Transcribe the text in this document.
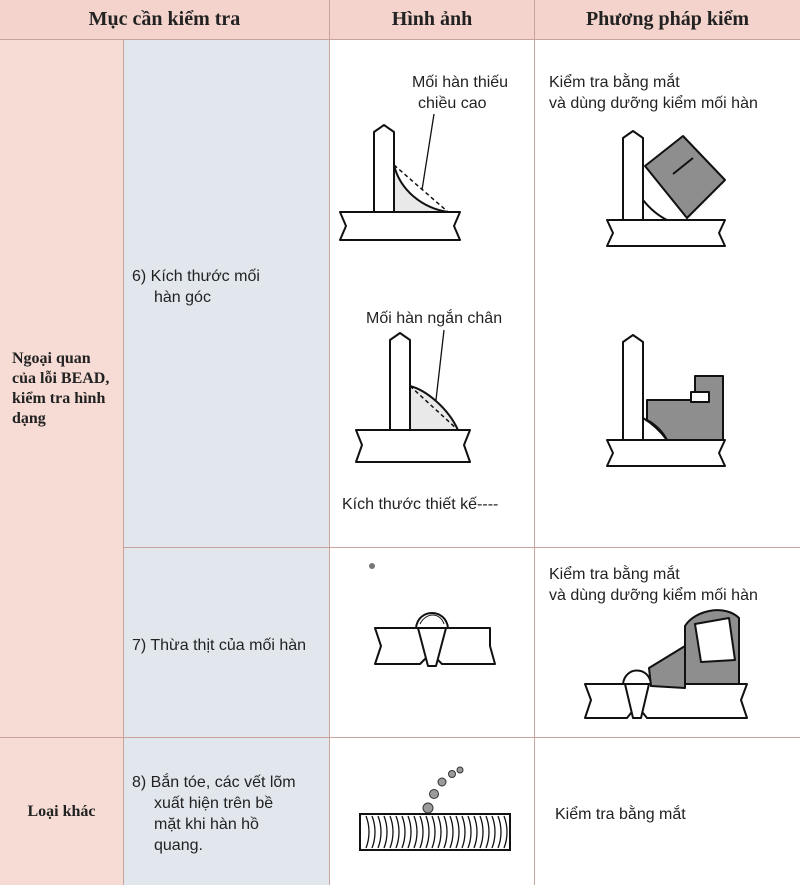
Mục cần kiểm tra	Hình ảnh	Phương pháp kiểm
Ngoại quan
của lỗi BEAD,
kiểm tra hình
dạng
Loại khác
6) Kích thước mối
hàn góc
7) Thừa thịt của mối hàn
8) Bắn tóe, các vết lõm
xuất hiện trên bề
mặt khi hàn hồ
quang.
Mối hàn thiếu
chiều cao
Mối hàn ngắn chân
Kích thước thiết kế----
Kiểm tra bằng mắt
và dùng dưỡng kiểm mối hàn
Kiểm tra bằng mắt
và dùng dưỡng kiểm mối hàn
Kiểm tra bằng mắt
